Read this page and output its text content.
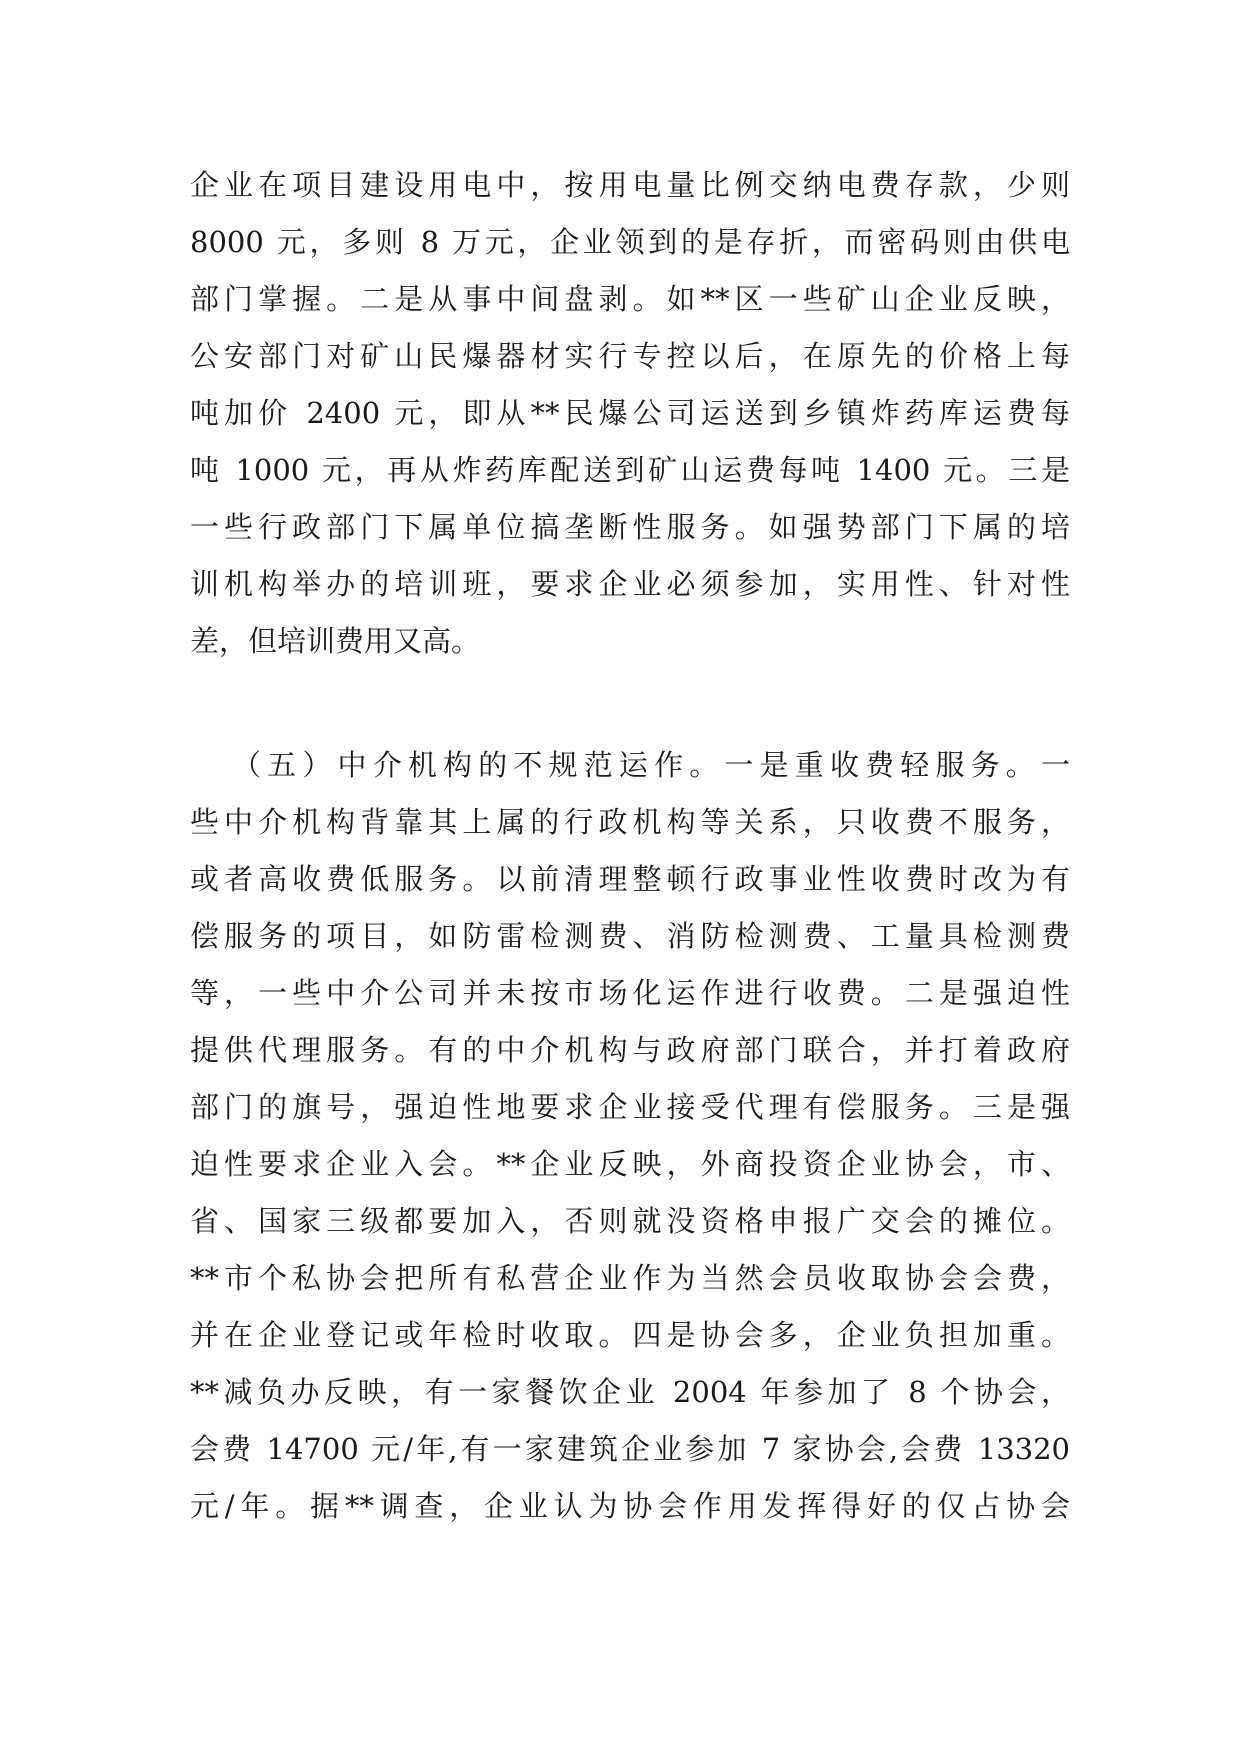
企业在项目建设用电中，按用电量比例交纳电费存款，少则
8000 元，多则 8 万元，企业领到的是存折，而密码则由供电
部门掌握。二是从事中间盘剥。如**区一些矿山企业反映，
公安部门对矿山民爆器材实行专控以后，在原先的价格上每
吨加价 2400 元，即从**民爆公司运送到乡镇炸药库运费每
吨 1000 元，再从炸药库配送到矿山运费每吨 1400 元。三是
一些行政部门下属单位搞垄断性服务。如强势部门下属的培
训机构举办的培训班，要求企业必须参加，实用性、针对性
差，但培训费用又高。
（五）中介机构的不规范运作。一是重收费轻服务。一
些中介机构背靠其上属的行政机构等关系，只收费不服务，
或者高收费低服务。以前清理整顿行政事业性收费时改为有
偿服务的项目，如防雷检测费、消防检测费、工量具检测费
等，一些中介公司并未按市场化运作进行收费。二是强迫性
提供代理服务。有的中介机构与政府部门联合，并打着政府
部门的旗号，强迫性地要求企业接受代理有偿服务。三是强
迫性要求企业入会。**企业反映，外商投资企业协会，市、
省、国家三级都要加入，否则就没资格申报广交会的摊位。
**市个私协会把所有私营企业作为当然会员收取协会会费，
并在企业登记或年检时收取。四是协会多，企业负担加重。
**减负办反映，有一家餐饮企业 2004 年参加了 8 个协会，
会费 14700 元/年,有一家建筑企业参加 7 家协会,会费 13320
元/年。据**调查，企业认为协会作用发挥得好的仅占协会
